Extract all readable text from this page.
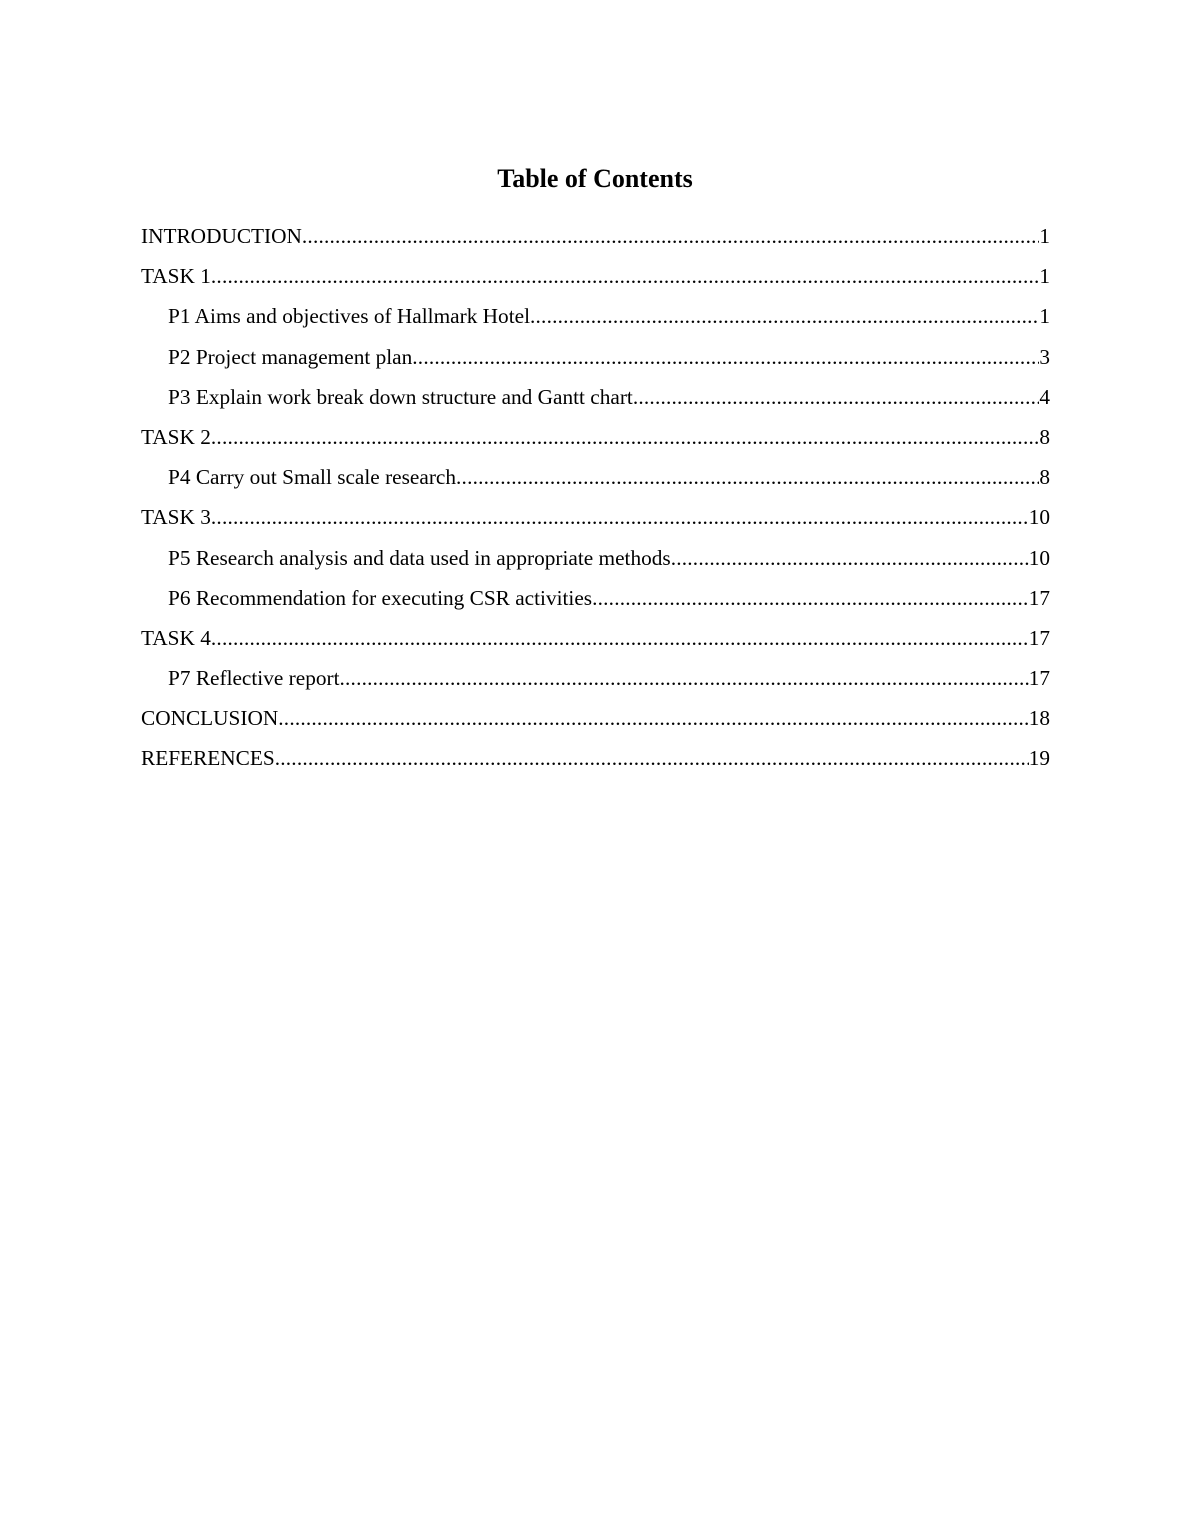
Table of Contents
INTRODUCTION .....	1
TASK 1 .....	1
P1 Aims and objectives of Hallmark Hotel .....	1
P2 Project management plan .....	3
P3 Explain work break down structure and Gantt chart .....	4
TASK 2 .....	8
P4 Carry out Small scale research .....	8
TASK 3 .....	10
P5 Research analysis and data used in appropriate methods .....	10
P6 Recommendation for executing CSR activities .....	17
TASK 4 .....	17
P7 Reflective report .....	17
CONCLUSION .....	18
REFERENCES .....	19
